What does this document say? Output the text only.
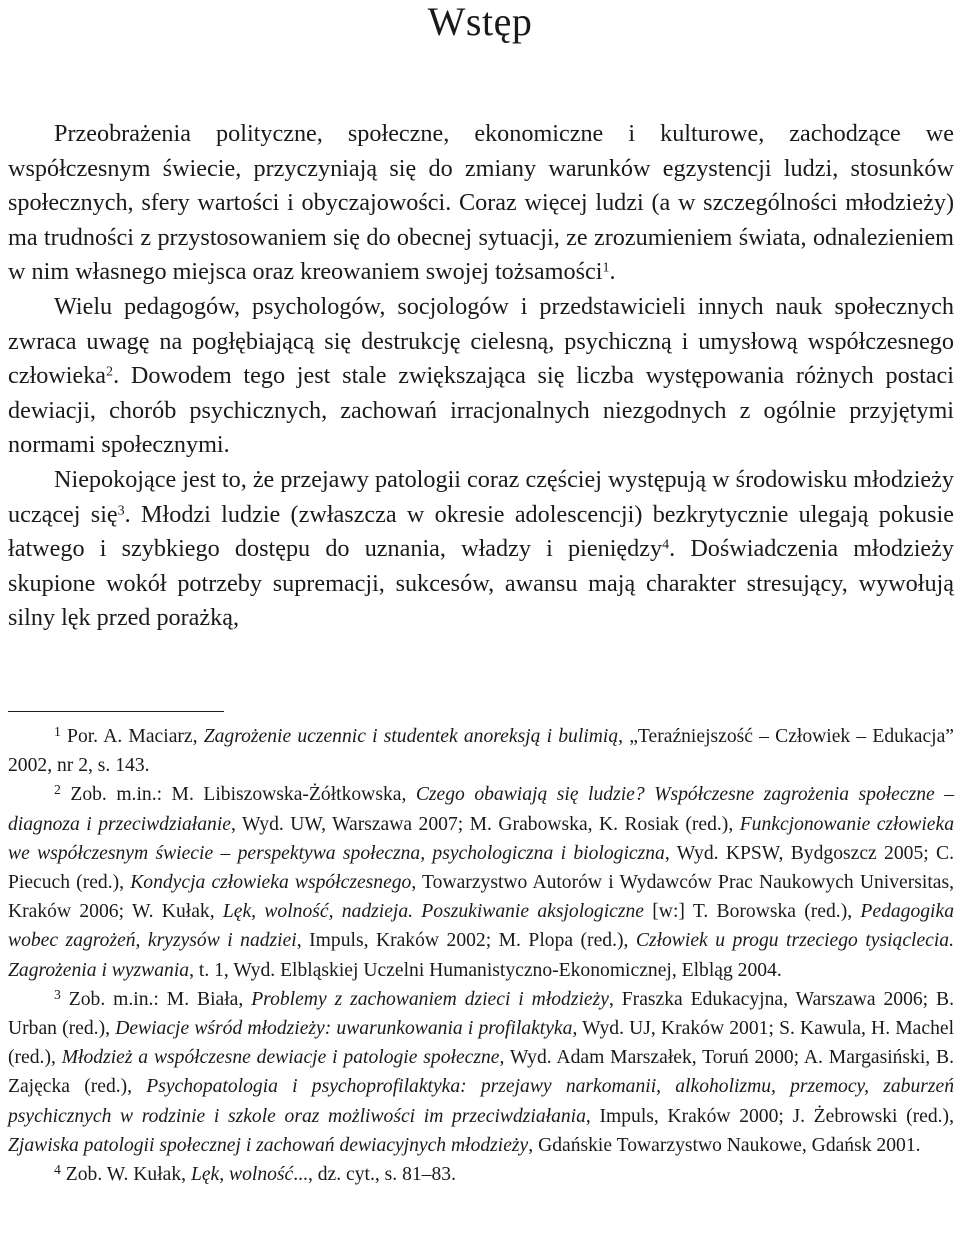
Wstęp

Przeobrażenia polityczne, społeczne, ekonomiczne i kulturowe, zachodzące we współczesnym świecie, przyczyniają się do zmiany warunków egzystencji ludzi, stosunków społecznych, sfery wartości i obyczajowości. Coraz więcej ludzi (a w szczególności młodzieży) ma trudności z przystosowaniem się do obecnej sytuacji, ze zrozumieniem świata, odnalezieniem w nim własnego miejsca oraz kreowaniem swojej tożsamości$^1$.

Wielu pedagogów, psychologów, socjologów i przedstawicieli innych nauk społecznych zwraca uwagę na pogłębiającą się destrukcję cielesną, psychiczną i umysłową współczesnego człowieka$^2$. Dowodem tego jest stale zwiększająca się liczba występowania różnych postaci dewiacji, chorób psychicznych, zachowań irracjonalnych niezgodnych z ogólnie przyjętymi normami społecznymi.

Niepokojące jest to, że przejawy patologii coraz częściej występują w środowisku młodzieży uczącej się$^3$. Młodzi ludzie (zwłaszcza w okresie adolescencji) bezkrytycznie ulegają pokusie łatwego i szybkiego dostępu do uznania, władzy i pieniędzy$^4$. Doświadczenia młodzieży skupione wokół potrzeby supremacji, sukcesów, awansu mają charakter stresujący, wywołują silny lęk przed porażką,

$^1$ Por. A. Maciarz, Zagrożenie uczennic i studentek anoreksją i bulimią, „Teraźniejszość – Człowiek – Edukacja” 2002, nr 2, s. 143.

$^2$ Zob. m.in.: M. Libiszowska-Żółtkowska, Czego obawiają się ludzie? Współczesne zagrożenia społeczne – diagnoza i przeciwdziałanie, Wyd. UW, Warszawa 2007; M. Grabowska, K. Rosiak (red.), Funkcjonowanie człowieka we współczesnym świecie – perspektywa społeczna, psychologiczna i biologiczna, Wyd. KPSW, Bydgoszcz 2005; C. Piecuch (red.), Kondycja człowieka współczesnego, Towarzystwo Autorów i Wydawców Prac Naukowych Universitas, Kraków 2006; W. Kułak, Lęk, wolność, nadzieja. Poszukiwanie aksjologiczne [w:] T. Borowska (red.), Pedagogika wobec zagrożeń, kryzysów i nadziei, Impuls, Kraków 2002; M. Plopa (red.), Człowiek u progu trzeciego tysiąclecia. Zagrożenia i wyzwania, t. 1, Wyd. Elbląskiej Uczelni Humanistyczno-Ekonomicznej, Elbląg 2004.

$^3$ Zob. m.in.: M. Biała, Problemy z zachowaniem dzieci i młodzieży, Fraszka Edukacyjna, Warszawa 2006; B. Urban (red.), Dewiacje wśród młodzieży: uwarunkowania i profilaktyka, Wyd. UJ, Kraków 2001; S. Kawula, H. Machel (red.), Młodzież a współczesne dewiacje i patologie społeczne, Wyd. Adam Marszałek, Toruń 2000; A. Margasiński, B. Zajęcka (red.), Psychopatologia i psychoprofilaktyka: przejawy narkomanii, alkoholizmu, przemocy, zaburzeń psychicznych w rodzinie i szkole oraz możliwości im przeciwdziałania, Impuls, Kraków 2000; J. Żebrowski (red.), Zjawiska patologii społecznej i zachowań dewiacyjnych młodzieży, Gdańskie Towarzystwo Naukowe, Gdańsk 2001.

$^4$ Zob. W. Kułak, Lęk, wolność..., dz. cyt., s. 81–83.
